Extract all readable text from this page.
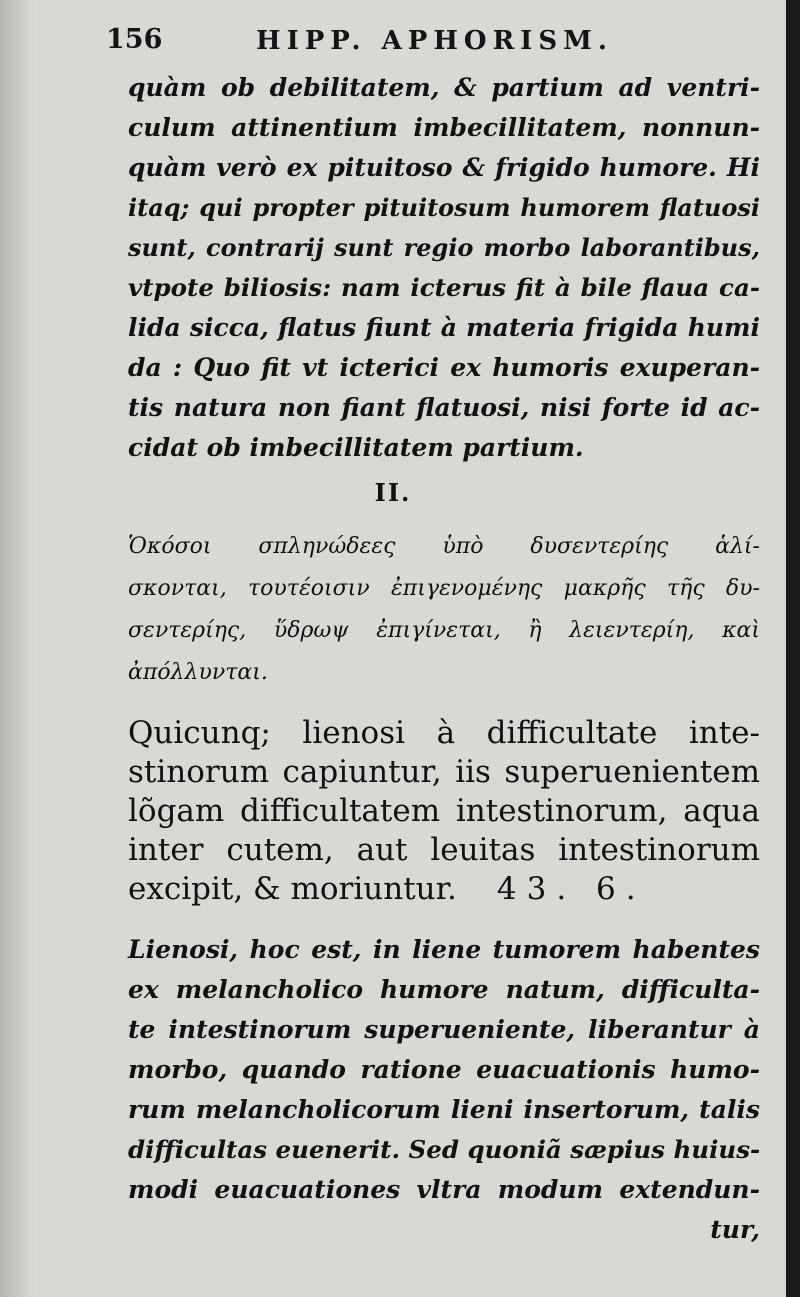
156	HIPP. APHORISM.
quàm ob debilitatem, & partium ad ventri-
culum attinentium imbecillitatem, nonnun-
quàm verò ex pituitoso & frigido humore. Hi
itaq; qui propter pituitosum humorem flatuosi
sunt, contrarij sunt regio morbo laborantibus,
vtpote biliosis: nam icterus fit à bile flaua ca-
lida sicca, flatus fiunt à materia frigida humi
da : Quo fit vt icterici ex humoris exuperan-
tis natura non fiant flatuosi, nisi forte id ac-
cidat ob imbecillitatem partium.
II.
Ὁκόσοι σπληνώδεες ὑπὸ δυσεντερίης ἁλί-
σκονται, τουτέοισιν ἐπιγενομένης μακρῆς τῆς δυ-
σεντερίης, ὕδρωψ ἐπιγίνεται, ἢ λειεντερίη, καὶ
ἀπόλλυνται.
Quicunq; lienosi à difficultate inte-
stinorum capiuntur, iis superuenientem
lõgam difficultatem intestinorum, aqua
inter cutem, aut leuitas intestinorum
excipit, & moriuntur. 43. 6.
Lienosi, hoc est, in liene tumorem habentes
ex melancholico humore natum, difficulta-
te intestinorum superueniente, liberantur à
morbo, quando ratione euacuationis humo-
rum melancholicorum lieni insertorum, talis
difficultas euenerit. Sed quoniã sæpius huius-
modi euacuationes vltra modum extendun-
tur,
